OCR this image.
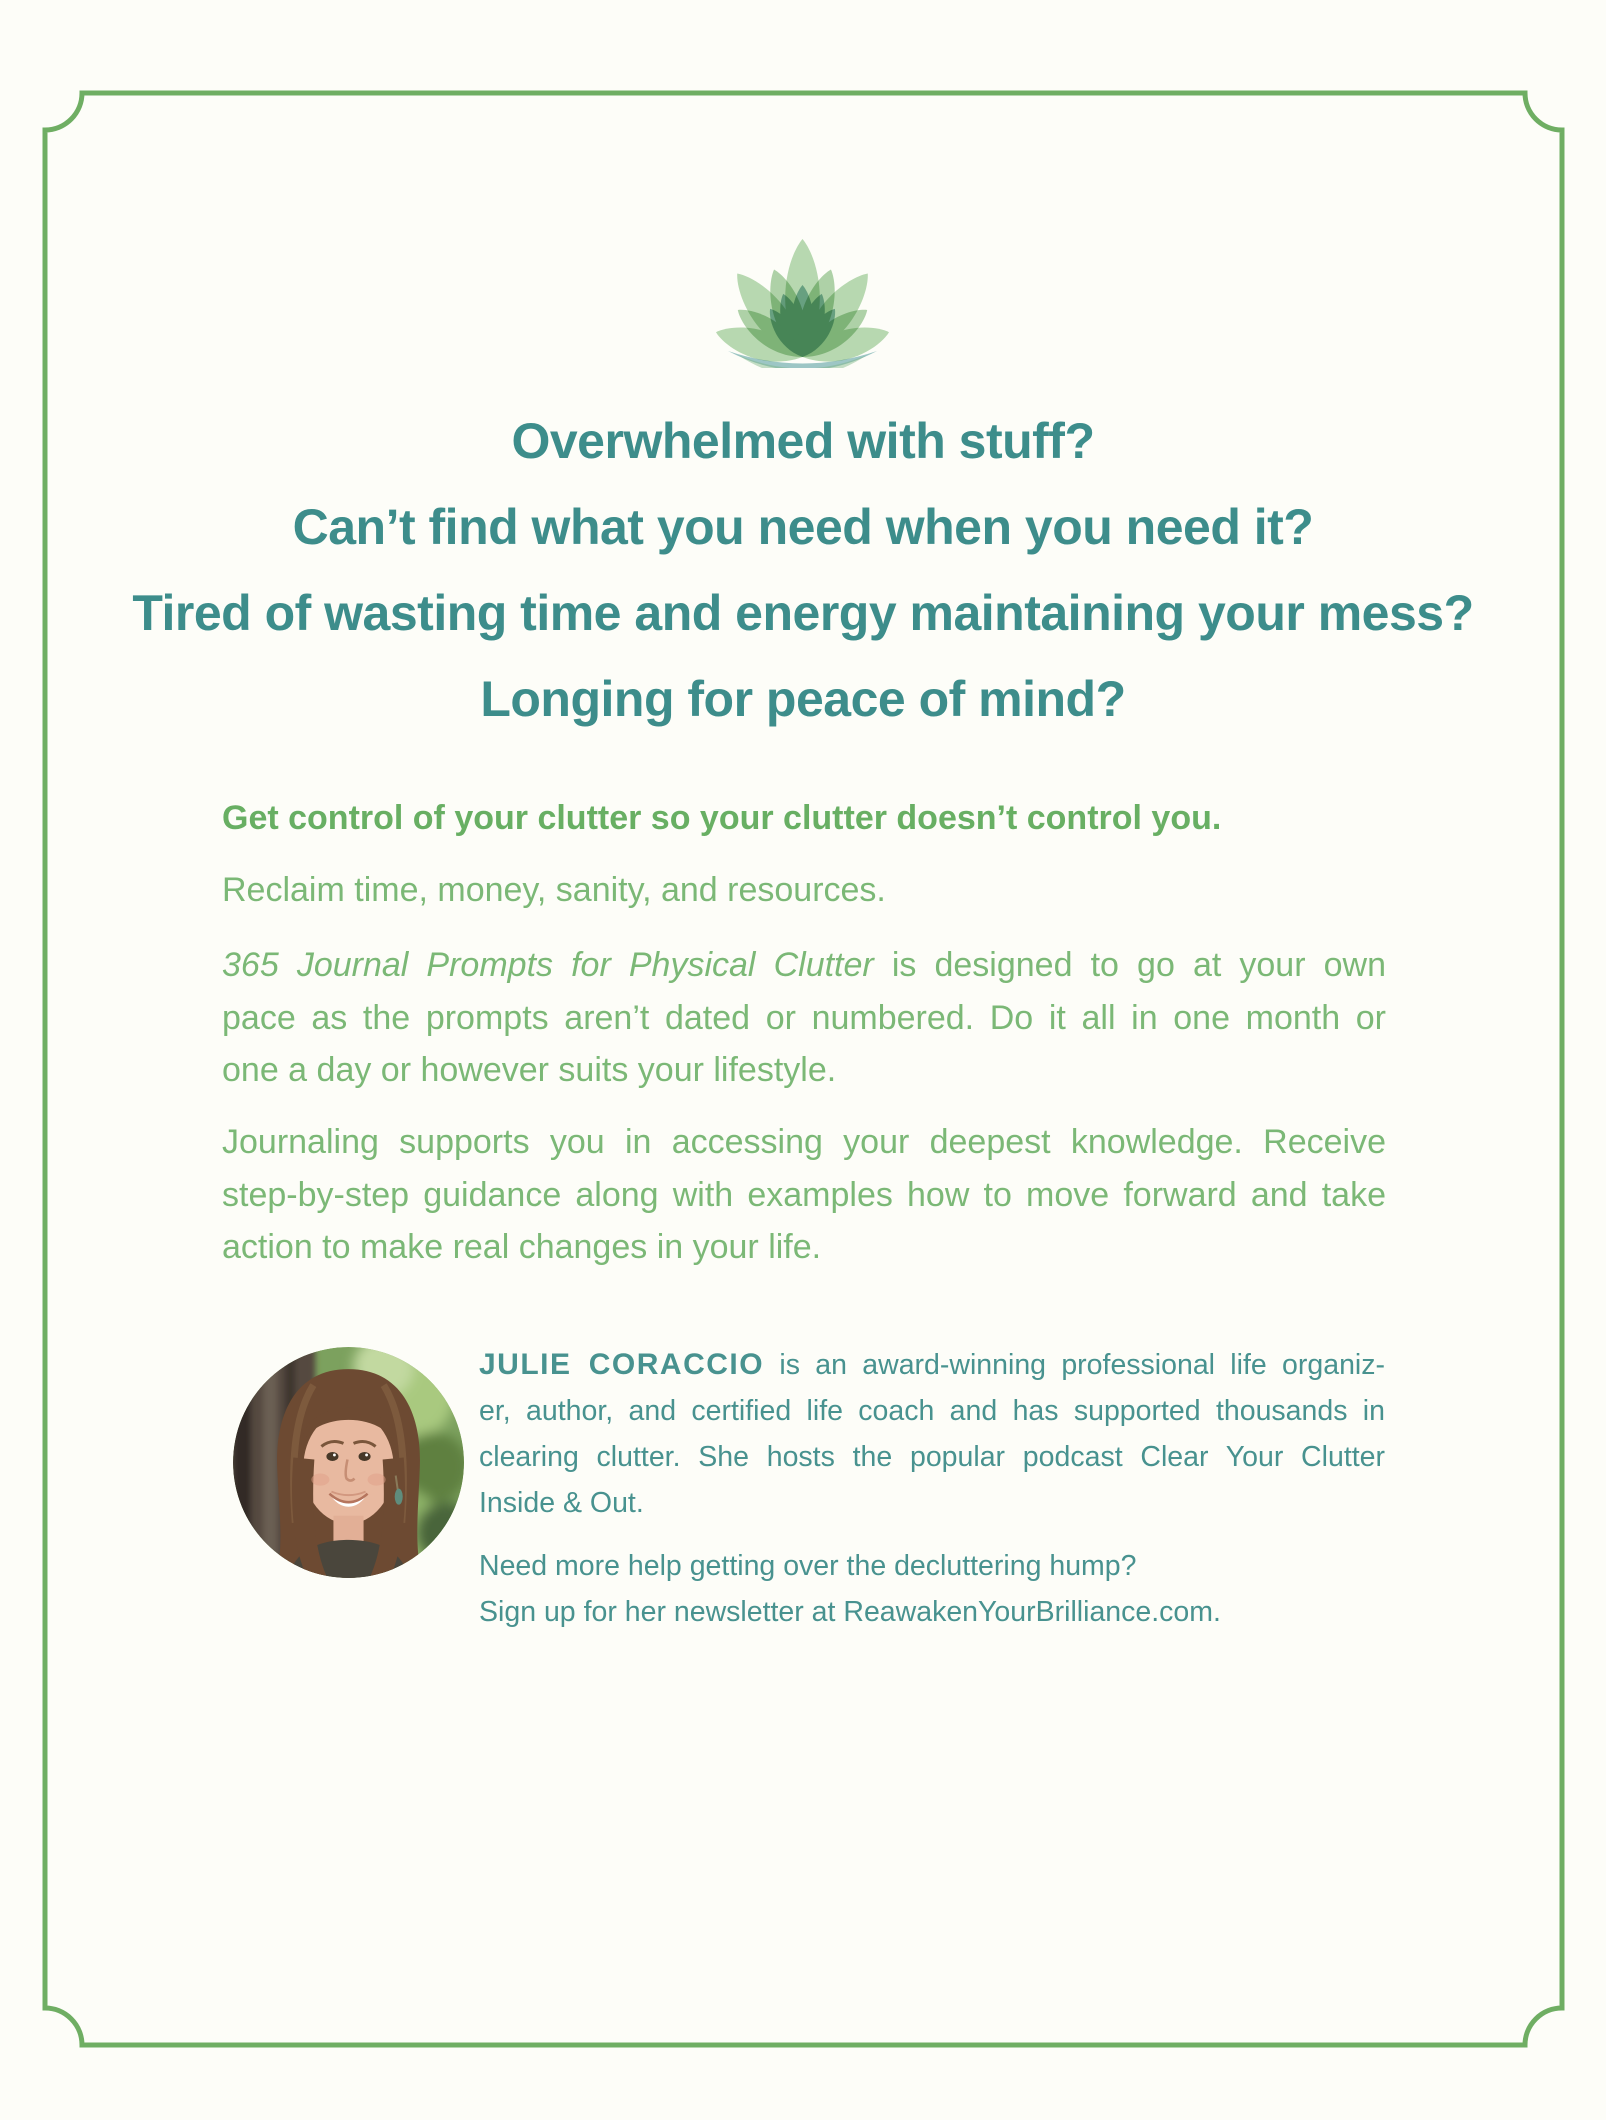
Overwhelmed with stuff?
Can’t find what you need when you need it?
Tired of wasting time and energy maintaining your mess?
Longing for peace of mind?
Get control of your clutter so your clutter doesn’t control you.
Reclaim time, money, sanity, and resources.
365 Journal Prompts for Physical Clutter is designed to go at your own
pace as the prompts aren’t dated or numbered. Do it all in one month or
one a day or however suits your lifestyle.
Journaling supports you in accessing your deepest knowledge. Receive
step-by-step guidance along with examples how to move forward and take
action to make real changes in your life.
JULIE CORACCIO is an award-winning professional life organiz-
er, author, and certified life coach and has supported thousands in
clearing clutter. She hosts the popular podcast Clear Your Clutter
Inside & Out.
Need more help getting over the decluttering hump?
Sign up for her newsletter at ReawakenYourBrilliance.com.
